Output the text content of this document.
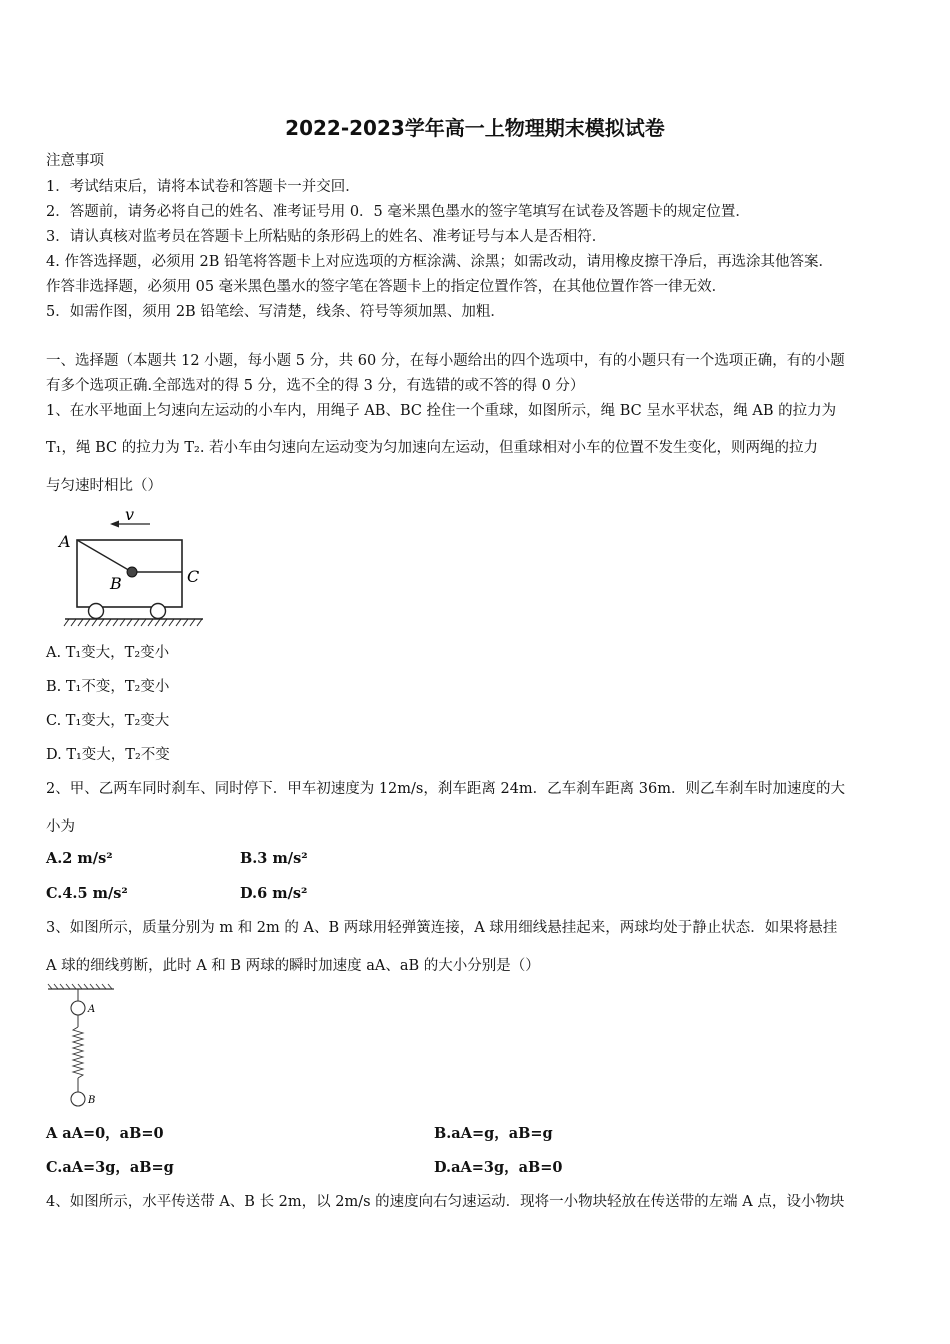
2022-2023学年高一上物理期末模拟试卷
注意事项
1．考试结束后，请将本试卷和答题卡一并交回．
2．答题前，请务必将自己的姓名、准考证号用 0．5 毫米黑色墨水的签字笔填写在试卷及答题卡的规定位置．
3．请认真核对监考员在答题卡上所粘贴的条形码上的姓名、准考证号与本人是否相符．
4. 作答选择题，必须用 2B 铅笔将答题卡上对应选项的方框涂满、涂黑；如需改动，请用橡皮擦干净后，再选涂其他答案．
作答非选择题，必须用 05 毫米黑色墨水的签字笔在答题卡上的指定位置作答，在其他位置作答一律无效．
5．如需作图，须用 2B 铅笔绘、写清楚，线条、符号等须加黑、加粗．
一、选择题（本题共 12 小题，每小题 5 分，共 60 分，在每小题给出的四个选项中，有的小题只有一个选项正确，有的小题
有多个选项正确.全部选对的得 5 分，选不全的得 3 分，有选错的或不答的得 0 分）
1、在水平地面上匀速向左运动的小车内，用绳子 AB、BC 拴住一个重球，如图所示，绳 BC 呈水平状态，绳 AB 的拉力为
T₁，绳 BC 的拉力为 T₂. 若小车由匀速向左运动变为匀加速向左运动，但重球相对小车的位置不发生变化，则两绳的拉力
与匀速时相比（）
v
A
B	C
A. T₁变大，T₂变小
B. T₁不变，T₂变小
C. T₁变大，T₂变大
D. T₁变大，T₂不变
2、甲、乙两车同时刹车、同时停下．甲车初速度为 12m/s，刹车距离 24m．乙车刹车距离 36m．则乙车刹车时加速度的大
小为
A.2 m/s²	B.3 m/s²
C.4.5 m/s²	D.6 m/s²
3、如图所示，质量分别为 m 和 2m 的 A、B 两球用轻弹簧连接，A 球用细线悬挂起来，两球均处于静止状态．如果将悬挂
A 球的细线剪断，此时 A 和 B 两球的瞬时加速度 aA、aB 的大小分别是（）
A
B
A aA=0，aB=0	B.aA=g，aB=g
C.aA=3g，aB=g	D.aA=3g，aB=0
4、如图所示，水平传送带 A、B 长 2m，以 2m/s 的速度向右匀速运动．现将一小物块轻放在传送带的左端 A 点，设小物块
